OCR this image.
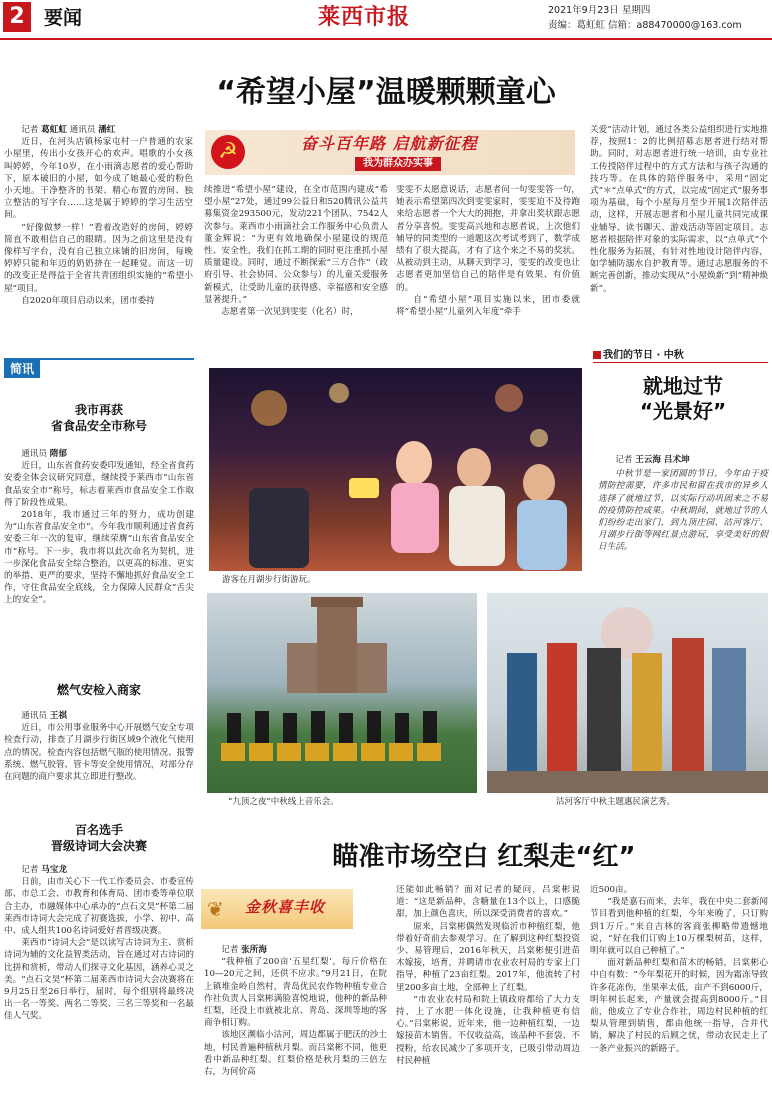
2	要闻	莱西市报	2021年9月23日 星期四
责编：葛虹虹 信箱：a88470000@163.com
“希望小屋”温暖颗颗童心

记者 葛虹虹 通讯员 潘红

近日，在河头店镇杨家屯村一户普通的农家小屋里，传出小女孩开心的欢声。唱歌的小女孩叫婷婷，今年10岁，在小雨滴志愿者的爱心帮助下，原本破旧的小屋，如今成了她最心爱的粉色小天地。干净整齐的书架、精心布置的房间、独立整洁的写字台……这是属于婷婷的学习生活空间。

“好像做梦一样！”看着改造好的房间，婷婷简直不敢相信自己的眼睛。因为之前这里是没有像样写字台，没有自己独立床铺的旧房间，每晚婷婷只能和年迈的奶奶挤在一起睡觉。而这一切的改变正是得益于全省共青团组织实施的“希望小屋”项目。

自2020年项目启动以来，团市委持

☭	奋斗百年路 启航新征程
我为群众办实事

续推进“希望小屋”建设，在全市范围内建成“希望小屋”27处，通过99公益日和520腾讯公益共募集资金293500元，发动221个团队、7542人次参与。莱西市小雨滴社会工作服务中心负责人董金辉说：“为更有效地确保小屋建设的规范性、安全性，我们在抓工期的同时更注重抓小屋质量建设。同时，通过不断探索“三方合作”（政府引导、社会协同、公众参与）的儿童关爱服务新模式，让受助儿童的获得感、幸福感和安全感显著提升。”

志愿者第一次见到雯雯（化名）时，

雯雯不太愿意说话，志愿者问一句雯雯答一句，她表示希望第四次到雯雯家时，雯雯迫不及待跑来给志愿者一个大大的拥抱，并拿出奖状跟志愿者分享喜悦。雯雯高兴地和志愿者说，上次他们辅导的同类型的一道题这次考试考到了，数学成绩有了很大提高，才有了这个来之不易的奖状。从被动到主动，从聊天到学习，雯雯的改变也让志愿者更加坚信自己的陪伴是有效果、有价值的。

自“希望小屋”项目实施以来，团市委就将“希望小屋”儿童列入年度“牵手

关爱”活动计划，通过各类公益组织进行实地推荐，按照1：2的比例招募志愿者进行结对帮助。同时，对志愿者进行统一培训，由专业社工传授陪伴过程中的方式方法和与孩子沟通的技巧等。在具体的陪伴服务中，采用“固定式”＊“点单式”的方式，以完成“固定式”服务事项为基础，每个小屋每月至少开展1次陪伴活动，这样，开展志愿者和小屋儿童共同完成课业辅导、读书聊天、游戏活动等固定项目。志愿者根据陪伴对象的实际需求，以“点单式”个性化服务为拓展，有针对性地设计陪伴内容，如学辅防溺水自护教育等。通过志愿服务的不断完善创新，推动实现从“小屋焕新”到“精神焕新”。

简讯
我市再获
省食品安全市称号

通讯员 隋郁

近日，山东省食药安委印发通知，经全省食药安委全体会议研究同意，继续授予莱西市“山东省食品安全市”称号，标志着莱西市食品安全工作取得了阶段性成果。

2018年，我市通过三年的努力，成功创建为“山东省食品安全市”。今年我市顺利通过省食药安委三年一次的复审，继续荣膺“山东省食品安全市”称号。下一步，我市将以此次命名为契机，进一步深化食品安全综合整治，以更高的标准、更实的举措、更严的要求，坚持不懈地抓好食品安全工作，守住食品安全底线，全力保障人民群众“舌尖上的安全”。

燃气安检入商家

通讯员 王祺

近日，市公用事业服务中心开展燃气安全专项检查行动，排查了月湖步行街区域9个液化气使用点的情况。检查内容包括燃气瓶的使用情况、报警系统、燃气胶管、管卡等安全使用情况，对部分存在问题的商户要求其立即进行整改。

百名选手
晋级诗词大会决赛

记者 马宝龙

日前，由市关心下一代工作委员会、市委宣传部、市总工会、市教育和体育局、团市委等单位联合主办，市融媒体中心承办的“点石文昊”杯第二届莱西市诗词大会完成了初赛选拔，小学、初中、高中、成人组共100名诗词爱好者晋级决赛。

莱西市“诗词大会”是以读写古诗词为主、赏析诗词为辅的文化益智类活动，旨在通过对古诗词的比拼和赏析，带动人们探寻文化基因，涵养心灵之美。“点石文昊”杯第二届莱西市诗词大会决赛将在9月25日至26日举行，届时，每个组别将最终决出一名一等奖、两名二等奖、三名三等奖和一名最佳人气奖。

游客在月湖步行街游玩。
我们的节日 · 中秋
就地过节
“光景好”

记者 王云海 吕术坤

中秋节是一家团圆的节日，今年由于疫情防控需要，许多市民和留在我市的异乡人选择了就地过节，以实际行动巩固来之不易的疫情防控成果。中秋期间，就地过节的人们纷纷走出家门，到九顶庄园、沽河客厅、月湖步行街等网红景点游玩，享受美好的假日生活。

“九顶之夜”中秋线上音乐会。	沽河客厅中秋主题惠民演艺秀。
瞄准市场空白 红梨走“红”
❦ 金秋喜丰收

记者 张所海

“我种植了200亩‘五星红梨’，每斤价格在10—20元之间，还供不应求。”9月21日，在院上镇堆金岭自然村，青岛优民农作物种植专业合作社负责人吕棠彬满脸喜悦地说，他种的新品种红梨，还没上市就被北京、青岛、深圳等地的客商争相订购。

该地区濒临小沽河，周边都属于肥沃的沙土地，村民普遍种植秋月梨。而吕棠彬不同，他更看中新品种红梨。红梨价格是秋月梨的三倍左右，为何价高

还能如此畅销？面对记者的疑问，吕棠彬说道：“这是新品种，含糖量在13个以上，口感脆甜，加上颜色喜庆，所以深受消费者的喜欢。”

原来，吕棠彬偶然发现临沂市种植红梨，他带着好奇前去参观学习。在了解到这种红梨投资少、易管理后，2016年秋天，吕棠彬便引进苗木嫁接，培育，并聘请市农业农村局的专家上门指导，种植了23亩红梨。2017年，他流转了村里200多亩土地，全部种上了红梨。

“市农业农村局和院上镇政府都给了大力支持，上了水肥一体化设施，让我种植更有信心。”吕棠彬说，近年来，他一边种植红梨，一边嫁接苗木销售。不仅收益高，该品种不套袋、不授粉，给农民减少了多项开支，已吸引带动周边村民种植

近500亩。

“我是嘉石而来，去年，我在中央二套新闻节目看到他种植的红梨，今年来晚了，只订购到1万斤。”来自吉林的客商张柳略带遗憾地说，“好在我们订购上10万棵梨树苗，这样，明年就可以自己种植了。”

面对新品种红梨和苗木的畅销，吕棠彬心中自有数：“今年梨花开的时候，因为霜冻导致许多花冻伤，坐果率太低，亩产不到6000斤，明年树长起来，产量就会提高到8000斤。”目前，他成立了专业合作社，周边村民种植的红梨从管理到销售，都由他统一指导，合并代销，解决了村民的后顾之忧，带动农民走上了一条产业振兴的新路子。
